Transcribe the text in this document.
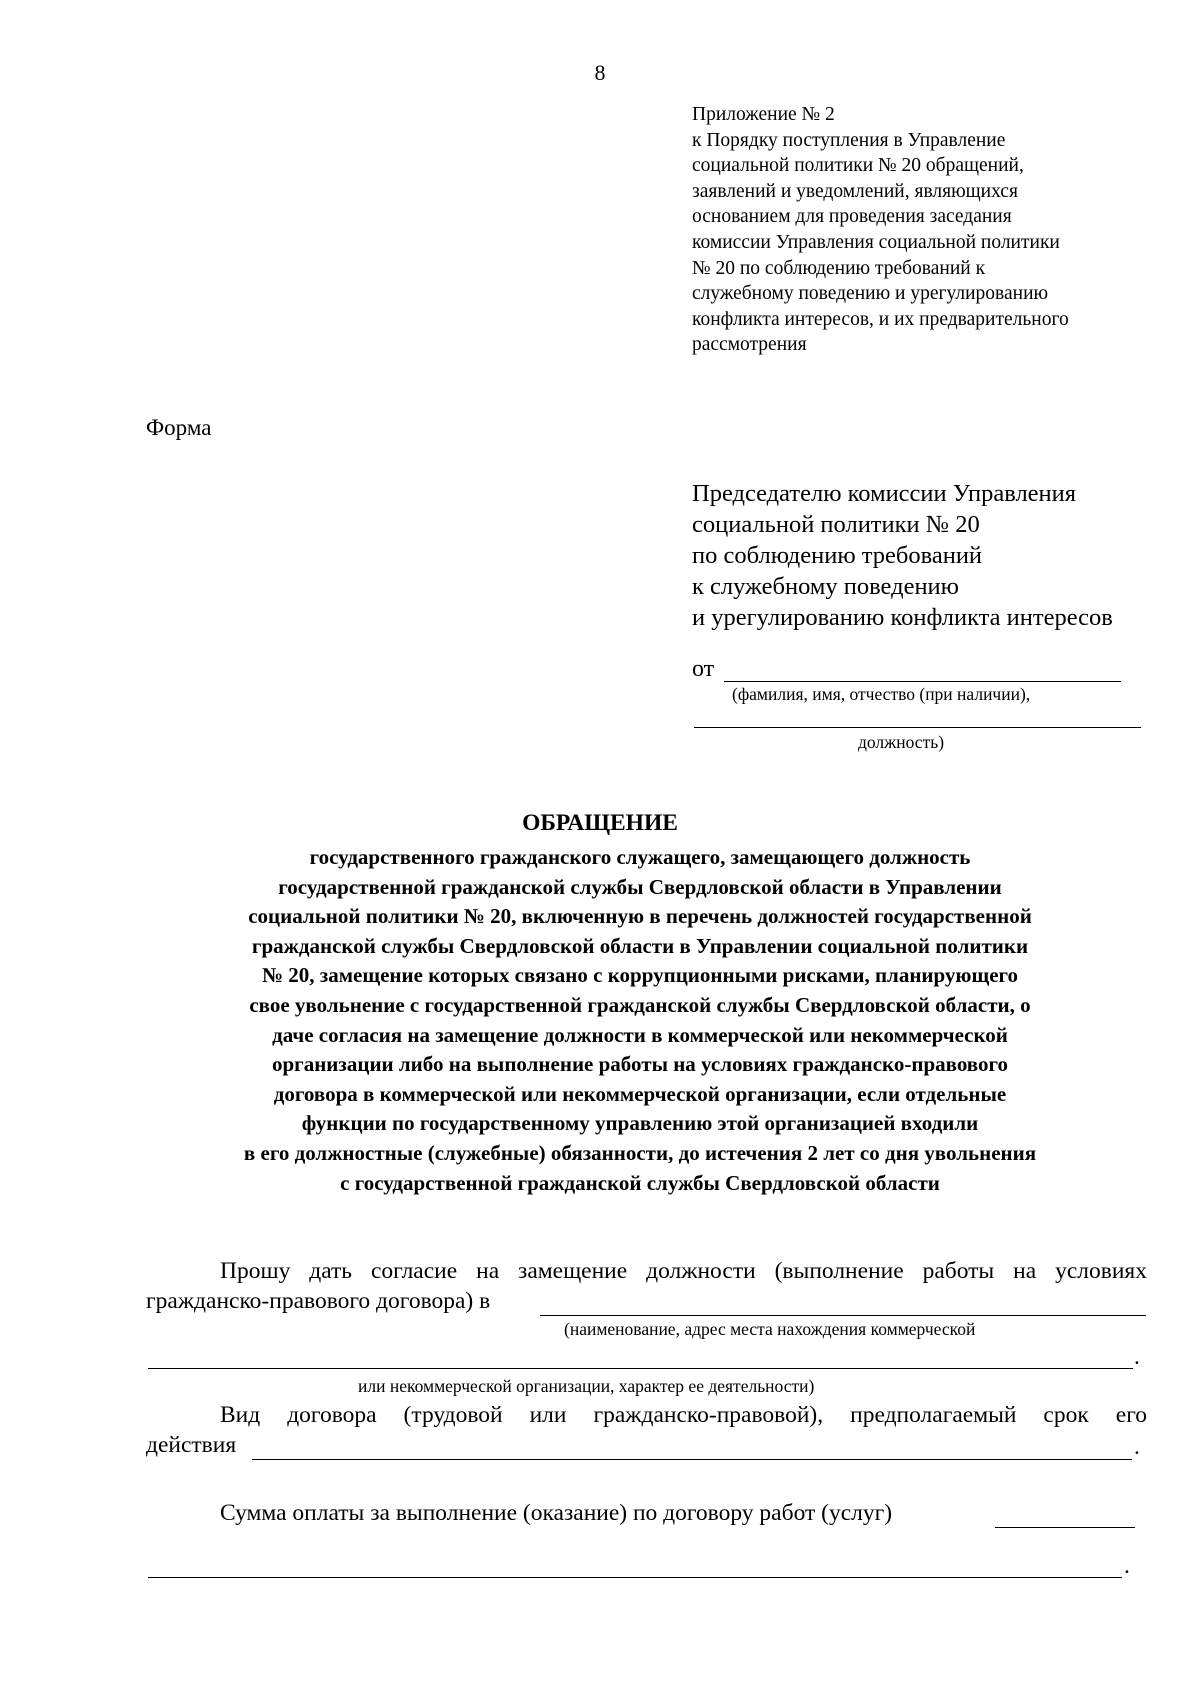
8
Приложение № 2
к Порядку поступления в Управление
социальной политики № 20 обращений,
заявлений и уведомлений, являющихся
основанием для проведения заседания
комиссии Управления социальной политики
№ 20 по соблюдению требований к
служебному поведению и урегулированию
конфликта интересов, и их предварительного
рассмотрения
Форма
Председателю комиссии Управления
социальной политики № 20
по соблюдению требований
к служебному поведению
и урегулированию конфликта интересов
от
(фамилия, имя, отчество (при наличии),
должность)
ОБРАЩЕНИЕ
государственного гражданского служащего, замещающего должность
государственной гражданской службы Свердловской области в Управлении
социальной политики № 20, включенную в перечень должностей государственной
гражданской службы Свердловской области в Управлении социальной политики
№ 20, замещение которых связано с коррупционными рисками, планирующего
свое увольнение с государственной гражданской службы Свердловской области, о
даче согласия на замещение должности в коммерческой или некоммерческой
организации либо на выполнение работы на условиях гражданско-правового
договора в коммерческой или некоммерческой организации, если отдельные
функции по государственному управлению этой организацией входили
в его должностные (служебные) обязанности, до истечения 2 лет со дня увольнения
с государственной гражданской службы Свердловской области
Прошу дать согласие на замещение должности (выполнение работы на условиях
гражданско-правового договора) в
(наименование, адрес места нахождения коммерческой
.
или некоммерческой организации, характер ее деятельности)
Вид договора (трудовой или гражданско-правовой), предполагаемый срок его
действия	.
Сумма оплаты за выполнение (оказание) по договору работ (услуг)
.
